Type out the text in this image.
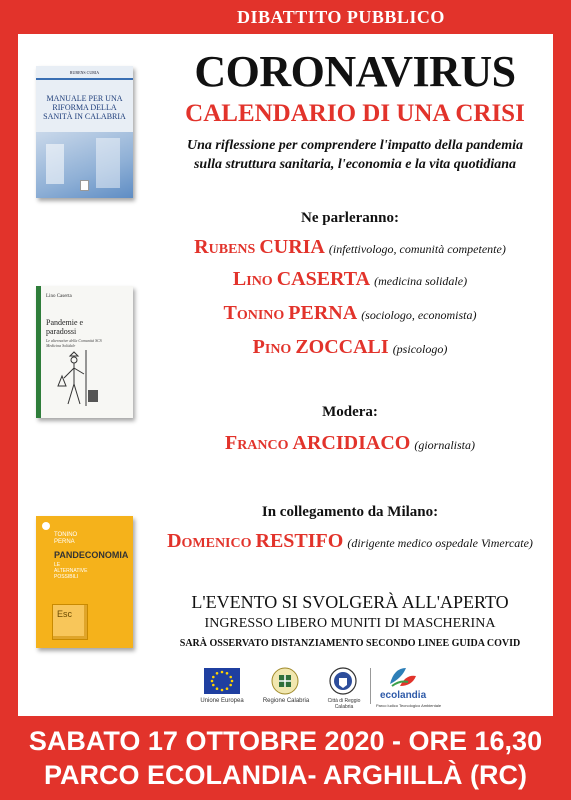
DIBATTITO PUBBLICO
CORONAVIRUS
CALENDARIO DI UNA CRISI
Una riflessione per comprendere l'impatto della pandemia
sulla struttura sanitaria, l'economia e la vita quotidiana
RUBENS CURIA
MANUALE PER UNA RIFORMA DELLA SANITÀ IN CALABRIA
Lino Caserta
Pandemie e paradossi
Le alternative della Comunità SCS Medicina Solidale
TONINO PERNA
PANDECONOMIA
LE ALTERNATIVE POSSIBILI
Esc
Ne parleranno:
Rubens CURIA (infettivologo, comunità competente)
Lino CASERTA (medicina solidale)
Tonino PERNA (sociologo, economista)
Pino ZOCCALI (psicologo)
Modera:
Franco ARCIDIACO (giornalista)
In collegamento da Milano:
Domenico RESTIFO (dirigente medico ospedale Vimercate)
L'EVENTO SI SVOLGERÀ ALL'APERTO
INGRESSO LIBERO MUNITI DI MASCHERINA
SARÀ OSSERVATO DISTANZIAMENTO SECONDO LINEE GUIDA COVID
Unione Europea	Regione Calabria	Città di Reggio Calabria
ecolandia
Parco ludico Tecnologico Ambientale
SABATO 17 OTTOBRE 2020 - ORE 16,30
PARCO ECOLANDIA- ARGHILLÀ (RC)
